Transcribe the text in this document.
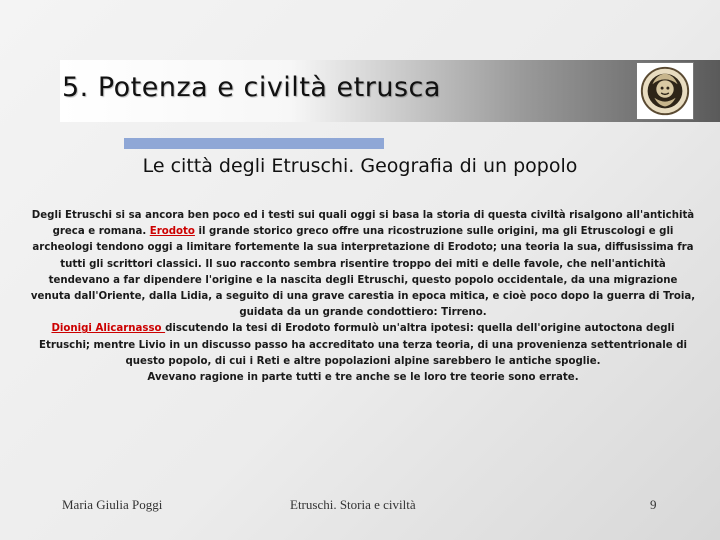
5. Potenza e civiltà etrusca
Le città degli Etruschi. Geografia di un popolo

Degli Etruschi si sa ancora ben poco ed i testi sui quali oggi si basa la storia di questa civiltà risalgono all'antichità greca e romana. Erodoto il grande storico greco offre una ricostruzione sulle origini, ma gli Etruscologi e gli archeologi tendono oggi a limitare fortemente la sua interpretazione di Erodoto; una teoria la sua, diffusissima fra tutti gli scrittori classici. Il suo racconto sembra risentire troppo dei miti e delle favole, che nell'antichità tendevano a far dipendere l'origine e la nascita degli Etruschi, questo popolo occidentale, da una migrazione venuta dall'Oriente, dalla Lidia, a seguito di una grave carestia in epoca mitica, e cioè poco dopo la guerra di Troia, guidata da un grande condottiero: Tirreno.

Dionigi Alicarnasso discutendo la tesi di Erodoto formulò un'altra ipotesi: quella dell'origine autoctona degli Etruschi; mentre Livio in un discusso passo ha accreditato una terza teoria, di una provenienza settentrionale di questo popolo, di cui i Reti e altre popolazioni alpine sarebbero le antiche spoglie.

Avevano ragione in parte tutti e tre anche se le loro tre teorie sono errate.

Maria Giulia Poggi	Etruschi. Storia e civiltà	9
